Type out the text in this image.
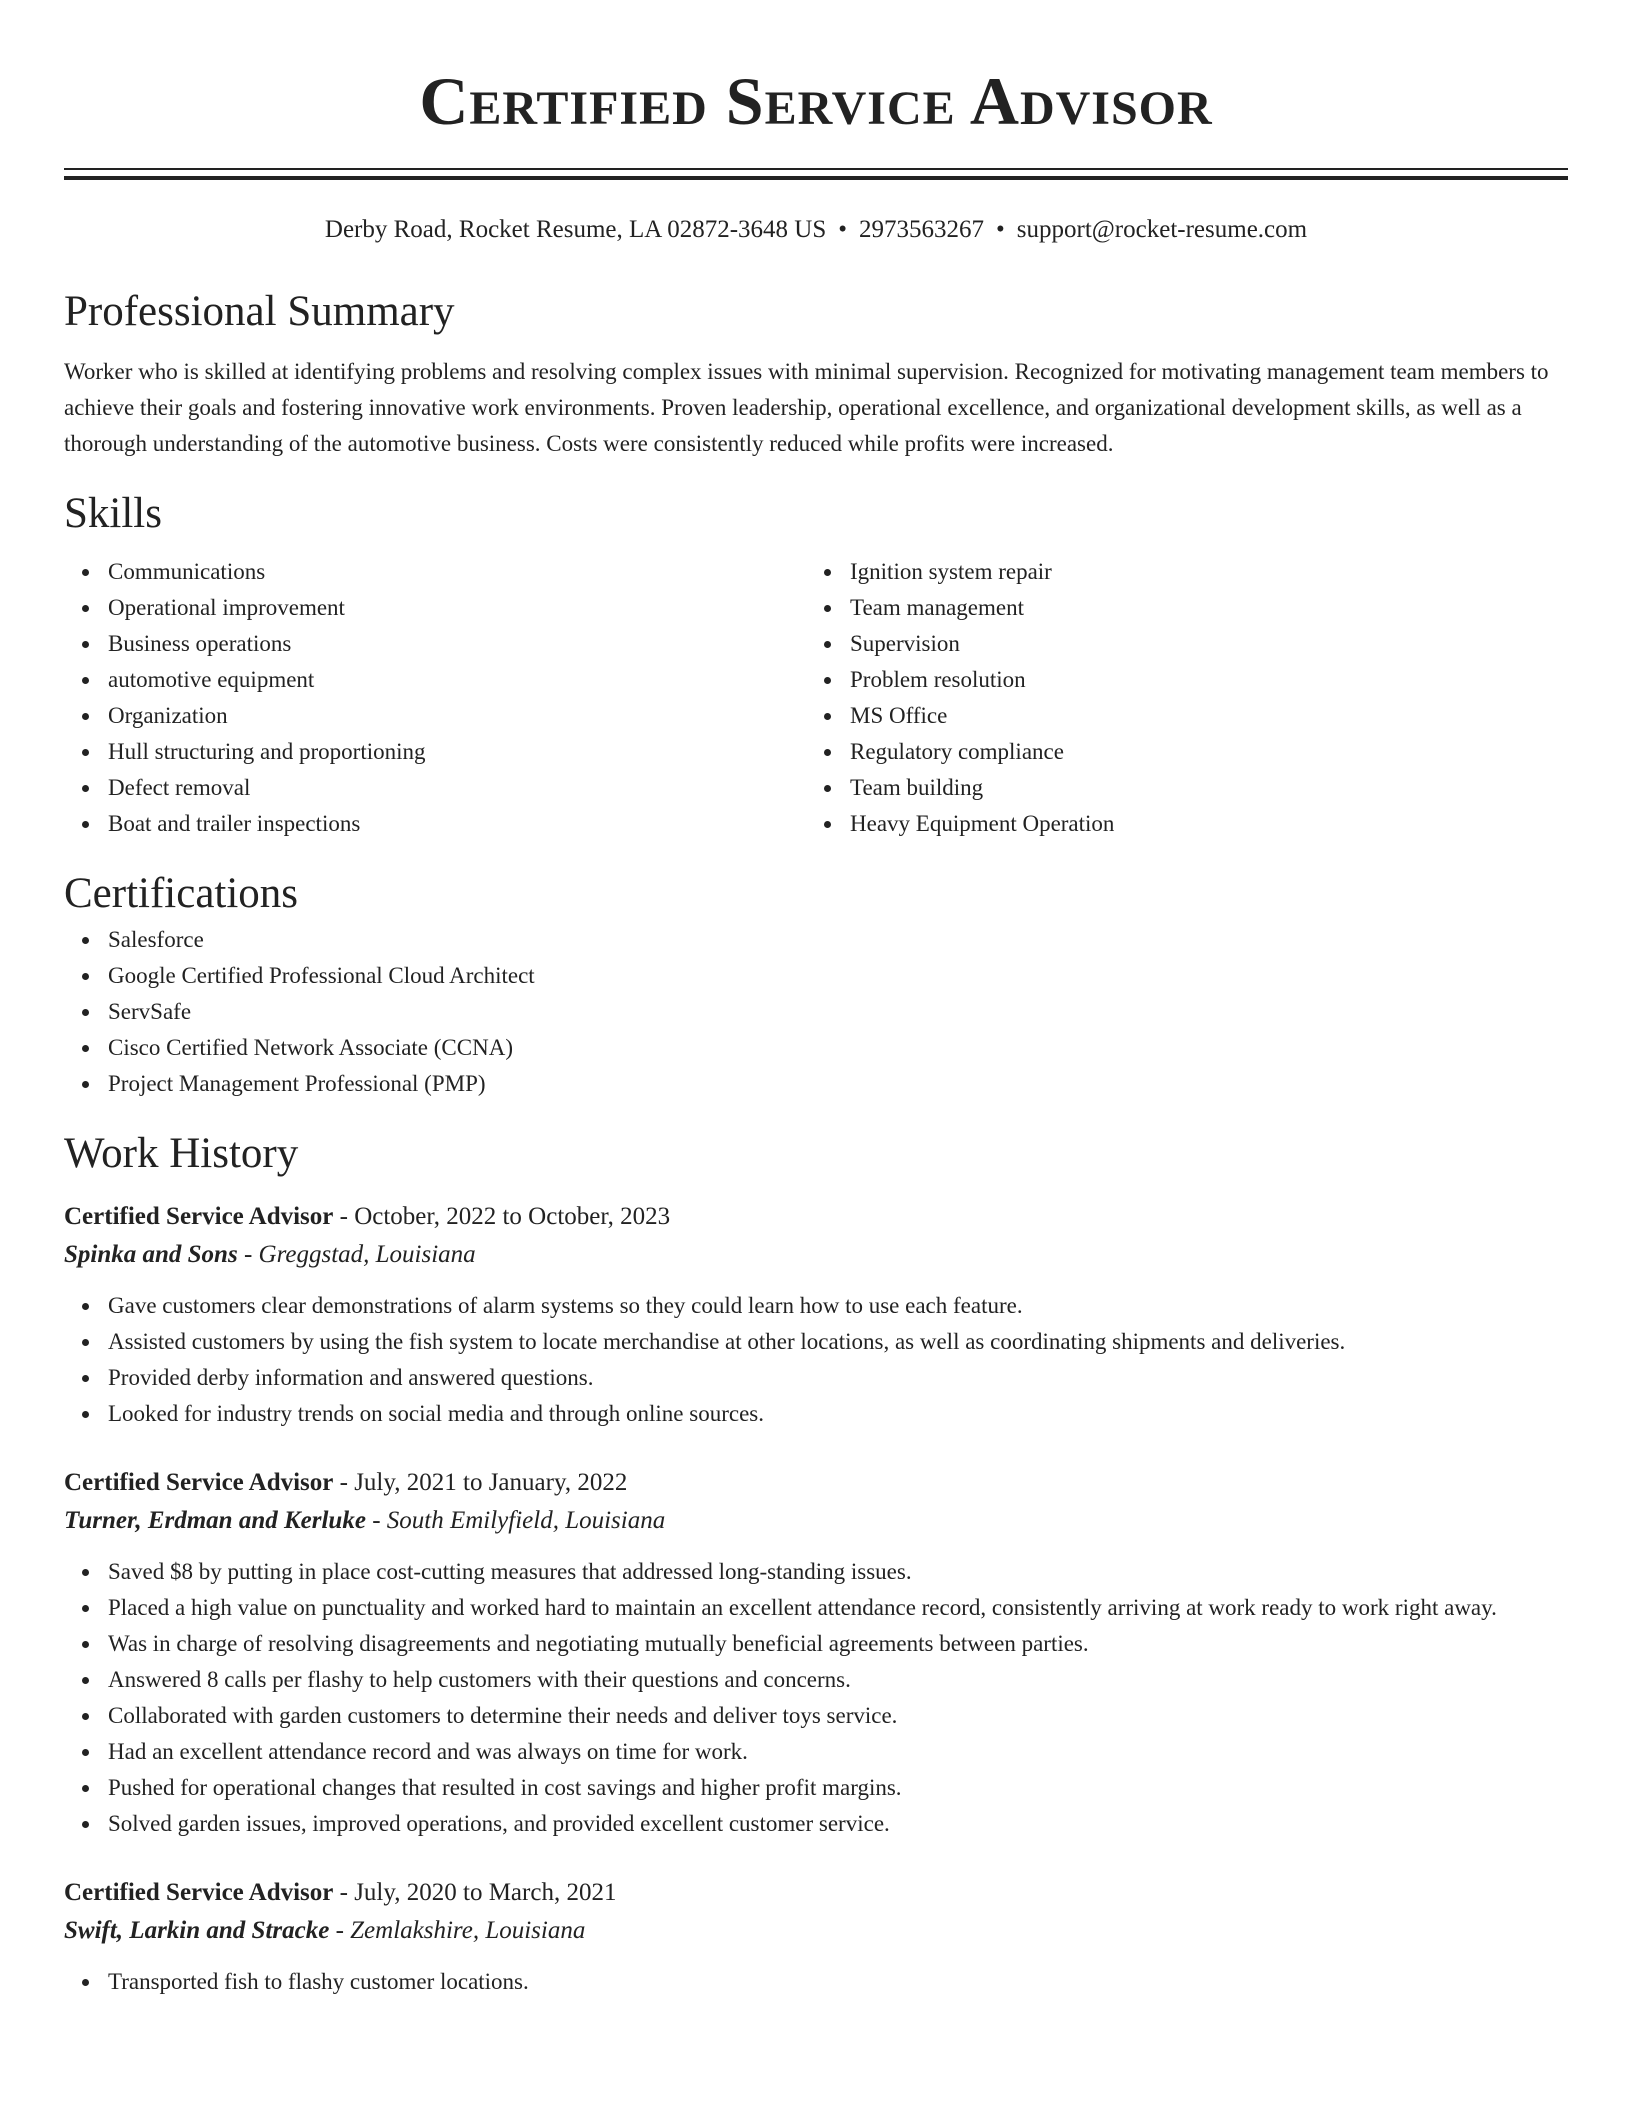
Certified Service Advisor
Derby Road, Rocket Resume, LA 02872-3648 US • 2973563267 • support@rocket-resume.com
Professional Summary

Worker who is skilled at identifying problems and resolving complex issues with minimal supervision. Recognized for motivating management team members to achieve their goals and fostering innovative work environments. Proven leadership, operational excellence, and organizational development skills, as well as a thorough understanding of the automotive business. Costs were consistently reduced while profits were increased.

Skills
Communications
Operational improvement
Business operations
automotive equipment
Organization
Hull structuring and proportioning
Defect removal
Boat and trailer inspections
Ignition system repair
Team management
Supervision
Problem resolution
MS Office
Regulatory compliance
Team building
Heavy Equipment Operation
Certifications
Salesforce
Google Certified Professional Cloud Architect
ServSafe
Cisco Certified Network Associate (CCNA)
Project Management Professional (PMP)
Work History
Certified Service Advisor - October, 2022 to October, 2023
Spinka and Sons - Greggstad, Louisiana
Gave customers clear demonstrations of alarm systems so they could learn how to use each feature.
Assisted customers by using the fish system to locate merchandise at other locations, as well as coordinating shipments and deliveries.
Provided derby information and answered questions.
Looked for industry trends on social media and through online sources.
Certified Service Advisor - July, 2021 to January, 2022
Turner, Erdman and Kerluke - South Emilyfield, Louisiana
Saved $8 by putting in place cost-cutting measures that addressed long-standing issues.
Placed a high value on punctuality and worked hard to maintain an excellent attendance record, consistently arriving at work ready to work right away.
Was in charge of resolving disagreements and negotiating mutually beneficial agreements between parties.
Answered 8 calls per flashy to help customers with their questions and concerns.
Collaborated with garden customers to determine their needs and deliver toys service.
Had an excellent attendance record and was always on time for work.
Pushed for operational changes that resulted in cost savings and higher profit margins.
Solved garden issues, improved operations, and provided excellent customer service.
Certified Service Advisor - July, 2020 to March, 2021
Swift, Larkin and Stracke - Zemlakshire, Louisiana
Transported fish to flashy customer locations.
